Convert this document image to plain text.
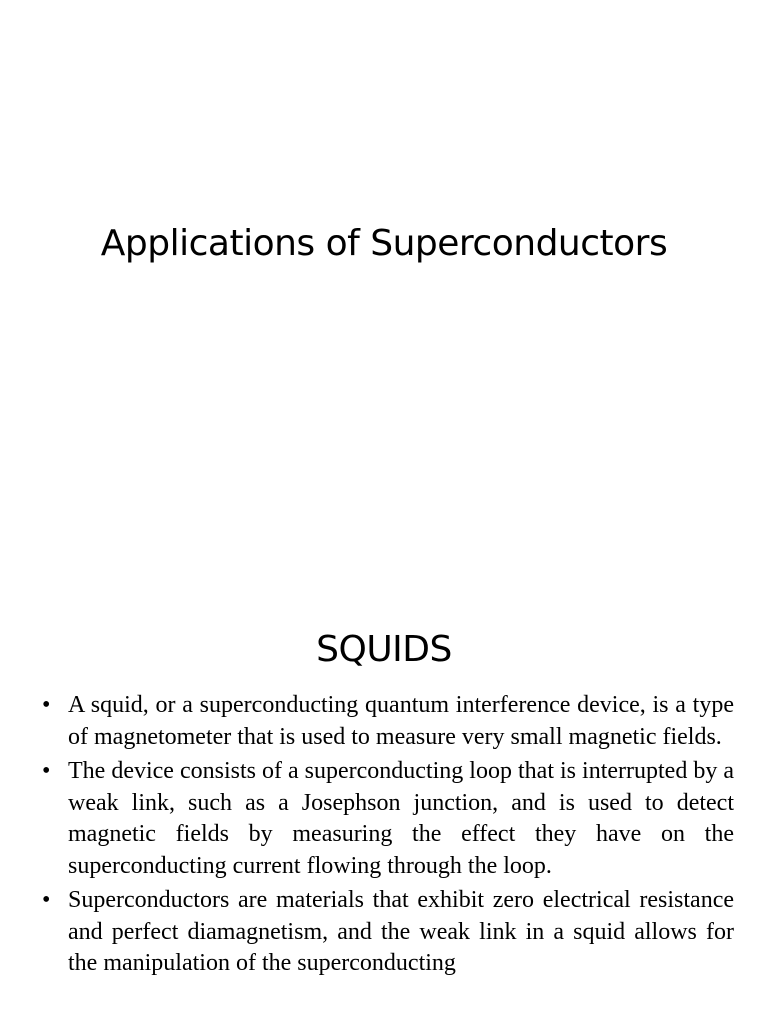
Applications of Superconductors
SQUIDS
• A squid, or a superconducting quantum interference device, is a type of magnetometer that is used to measure very small magnetic fields.
• The device consists of a superconducting loop that is interrupted by a weak link, such as a Josephson junction, and is used to detect magnetic fields by measuring the effect they have on the superconducting current flowing through the loop.
• Superconductors are materials that exhibit zero electrical resistance and perfect diamagnetism, and the weak link in a squid allows for the manipulation of the superconducting
